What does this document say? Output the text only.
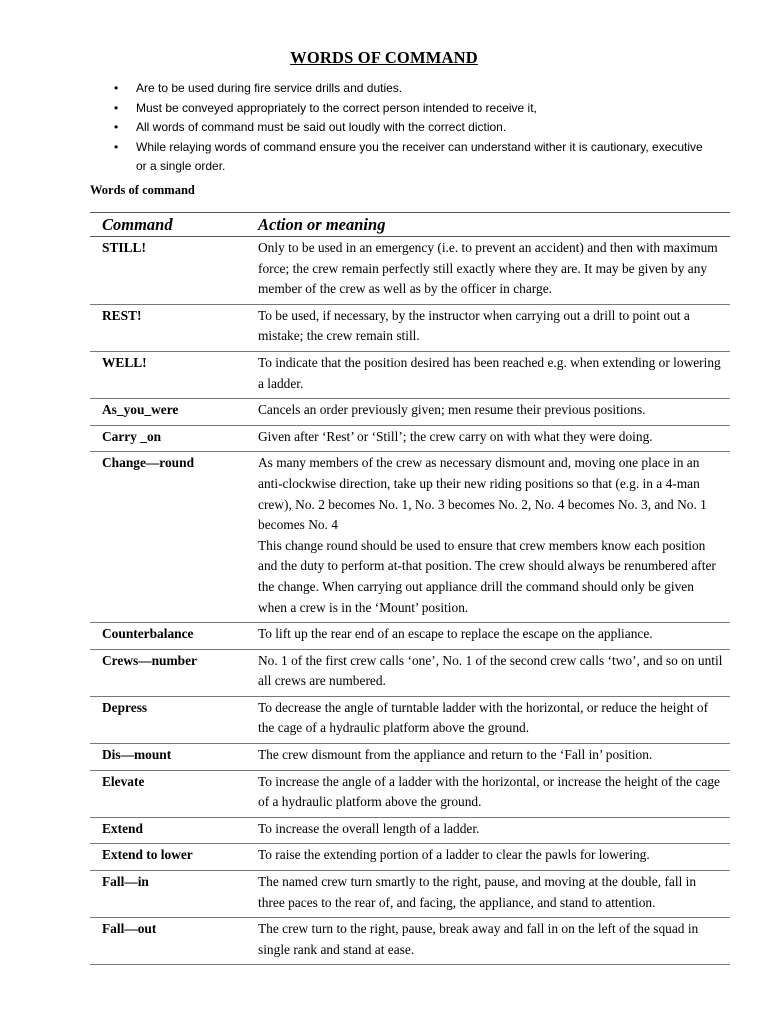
WORDS OF COMMAND
• Are to be used during fire service drills and duties.
• Must be conveyed appropriately to the correct person intended to receive it,
• All words of command must be said out loudly with the correct diction.
• While relaying words of command ensure you the receiver can understand wither it is cautionary, executive or a single order.
Words of command
Command	Action or meaning
STILL!	Only to be used in an emergency (i.e. to prevent an accident) and then with maximum force; the crew remain perfectly still exactly where they are. It may be given by any member of the crew as well as by the officer in charge.

REST!	To be used, if necessary, by the instructor when carrying out a drill to point out a mistake; the crew remain still.

WELL!	To indicate that the position desired has been reached e.g. when extending or lowering a ladder.

As_you_were	Cancels an order previously given; men resume their previous positions.

Carry _on	Given after ‘Rest’ or ‘Still’; the crew carry on with what they were doing.

Change—round	As many members of the crew as necessary dismount and, moving one place in an anti-clockwise direction, take up their new riding positions so that (e.g. in a 4-man crew), No. 2 becomes No. 1, No. 3 becomes No. 2, No. 4 becomes No. 3, and No. 1 becomes No. 4
This change round should be used to ensure that crew members know each position and the duty to perform at-that position. The crew should always be renumbered after the change. When carrying out appliance drill the command should only be given when a crew is in the ‘Mount’ position.

Counterbalance	To lift up the rear end of an escape to replace the escape on the appliance.

Crews—number	No. 1 of the first crew calls ‘one’, No. 1 of the second crew calls ‘two’, and so on until all crews are numbered.

Depress	To decrease the angle of turntable ladder with the horizontal, or reduce the height of the cage of a hydraulic platform above the ground.

Dis—mount	The crew dismount from the appliance and return to the ‘Fall in’ position.

Elevate	To increase the angle of a ladder with the horizontal, or increase the height of the cage of a hydraulic platform above the ground.

Extend	To increase the overall length of a ladder.

Extend to lower	To raise the extending portion of a ladder to clear the pawls for lowering.

Fall—in	The named crew turn smartly to the right, pause, and moving at the double, fall in three paces to the rear of, and facing, the appliance, and stand to attention.

Fall—out	The crew turn to the right, pause, break away and fall in on the left of the squad in single rank and stand at ease.
